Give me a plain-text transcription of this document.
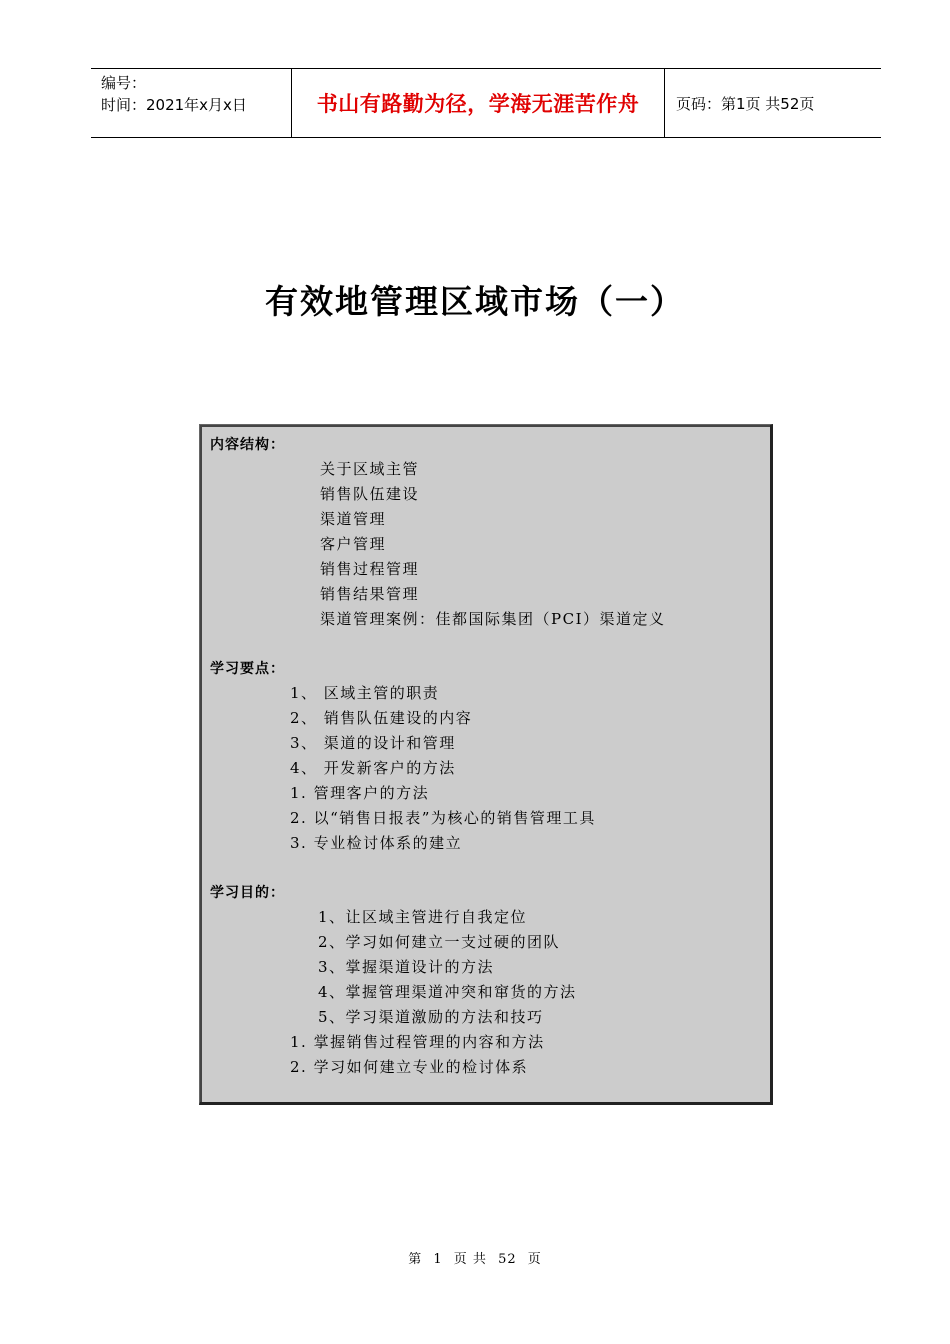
编号：
时间：2021年x月x日	书山有路勤为径，学海无涯苦作舟 页码：第1页 共52页
有效地管理区域市场（一）
内容结构：
关于区域主管
销售队伍建设
渠道管理
客户管理
销售过程管理
销售结果管理
渠道管理案例：佳都国际集团（PCI）渠道定义
学习要点：
1、 区域主管的职责
2、 销售队伍建设的内容
3、 渠道的设计和管理
4、 开发新客户的方法
1. 管理客户的方法
2. 以“销售日报表”为核心的销售管理工具
3. 专业检讨体系的建立
学习目的：
1、让区域主管进行自我定位
2、学习如何建立一支过硬的团队
3、掌握渠道设计的方法
4、掌握管理渠道冲突和窜货的方法
5、学习渠道激励的方法和技巧
1. 掌握销售过程管理的内容和方法
2. 学习如何建立专业的检讨体系
第 1 页 共 52 页
